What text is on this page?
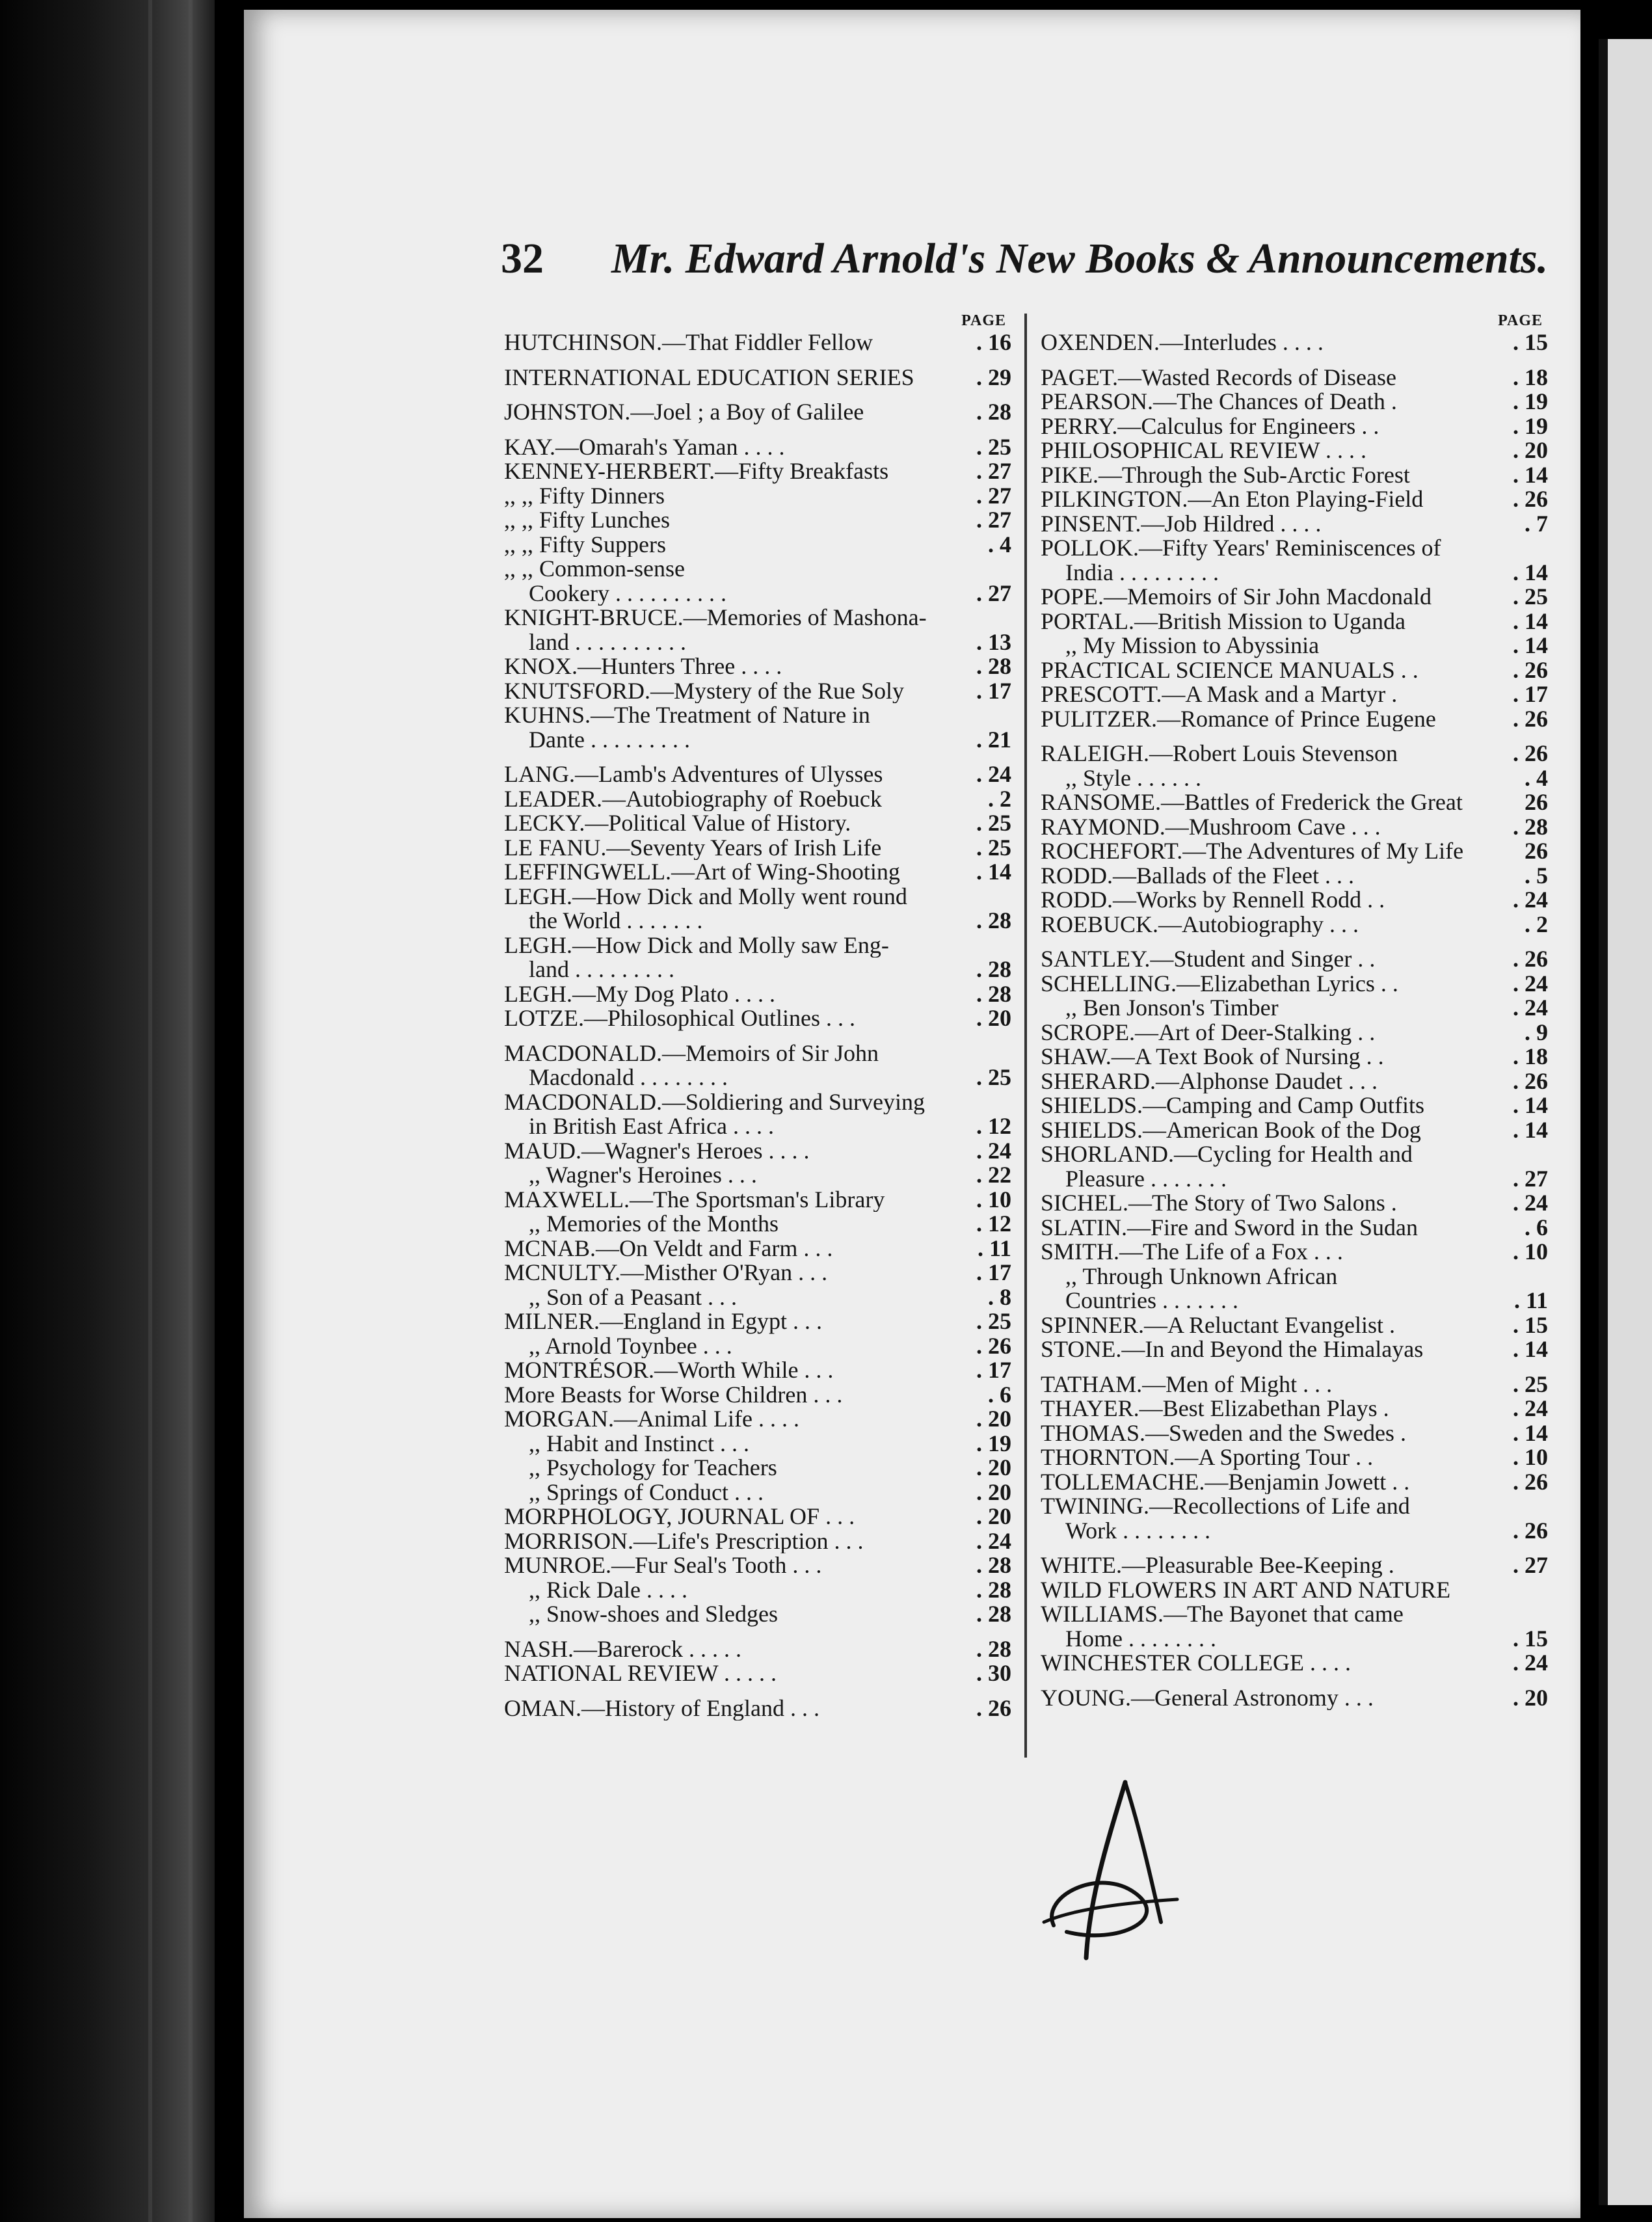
32 Mr. Edward Arnold's New Books & Announcements.
PAGE
HUTCHINSON.—That Fiddler Fellow	. 16
INTERNATIONAL EDUCATION SERIES	. 29
JOHNSTON.—Joel ; a Boy of Galilee	. 28
KAY.—Omarah's Yaman . . . .	. 25
KENNEY-HERBERT.—Fifty Breakfasts	. 27
,, ,, Fifty Dinners	. 27
,, ,, Fifty Lunches	. 27
,, ,, Fifty Suppers	. 4
,, ,, Common-sense
Cookery . . . . . . . . . .	. 27
KNIGHT-BRUCE.—Memories of Mashona-
land . . . . . . . . . .	. 13
KNOX.—Hunters Three . . . .	. 28
KNUTSFORD.—Mystery of the Rue Soly	. 17
KUHNS.—The Treatment of Nature in
Dante . . . . . . . . .	. 21
LANG.—Lamb's Adventures of Ulysses	. 24
LEADER.—Autobiography of Roebuck	. 2
LECKY.—Political Value of History.	. 25
LE FANU.—Seventy Years of Irish Life	. 25
LEFFINGWELL.—Art of Wing-Shooting	. 14
LEGH.—How Dick and Molly went round
the World . . . . . . .	. 28
LEGH.—How Dick and Molly saw Eng-
land . . . . . . . . .	. 28
LEGH.—My Dog Plato . . . .	. 28
LOTZE.—Philosophical Outlines . . .	. 20
MACDONALD.—Memoirs of Sir John
Macdonald . . . . . . . .	. 25
MACDONALD.—Soldiering and Surveying
in British East Africa . . . .	. 12
MAUD.—Wagner's Heroes . . . .	. 24
,, Wagner's Heroines . . .	. 22
MAXWELL.—The Sportsman's Library	. 10
,, Memories of the Months	. 12
MCNAB.—On Veldt and Farm . . .	. 11
MCNULTY.—Misther O'Ryan . . .	. 17
,, Son of a Peasant . . .	. 8
MILNER.—England in Egypt . . .	. 25
,, Arnold Toynbee . . .	. 26
MONTRÉSOR.—Worth While . . .	. 17
More Beasts for Worse Children . . .	. 6
MORGAN.—Animal Life . . . .	. 20
,, Habit and Instinct . . .	. 19
,, Psychology for Teachers	. 20
,, Springs of Conduct . . .	. 20
MORPHOLOGY, JOURNAL OF . . .	. 20
MORRISON.—Life's Prescription . . .	. 24
MUNROE.—Fur Seal's Tooth . . .	. 28
,, Rick Dale . . . .	. 28
,, Snow-shoes and Sledges	. 28
NASH.—Barerock . . . . .	. 28
NATIONAL REVIEW . . . . .	. 30
OMAN.—History of England . . .	. 26
PAGE
OXENDEN.—Interludes . . . .	. 15
PAGET.—Wasted Records of Disease	. 18
PEARSON.—The Chances of Death .	. 19
PERRY.—Calculus for Engineers . .	. 19
PHILOSOPHICAL REVIEW . . . .	. 20
PIKE.—Through the Sub-Arctic Forest	. 14
PILKINGTON.—An Eton Playing-Field	. 26
PINSENT.—Job Hildred . . . .	. 7
POLLOK.—Fifty Years' Reminiscences of
India . . . . . . . . .	. 14
POPE.—Memoirs of Sir John Macdonald	. 25
PORTAL.—British Mission to Uganda	. 14
,, My Mission to Abyssinia	. 14
PRACTICAL SCIENCE MANUALS . .	. 26
PRESCOTT.—A Mask and a Martyr .	. 17
PULITZER.—Romance of Prince Eugene	. 26
RALEIGH.—Robert Louis Stevenson	. 26
,, Style . . . . . .	. 4
RANSOME.—Battles of Frederick the Great	26
RAYMOND.—Mushroom Cave . . .	. 28
ROCHEFORT.—The Adventures of My Life	26
RODD.—Ballads of the Fleet . . .	. 5
RODD.—Works by Rennell Rodd . .	. 24
ROEBUCK.—Autobiography . . .	. 2
SANTLEY.—Student and Singer . .	. 26
SCHELLING.—Elizabethan Lyrics . .	. 24
,, Ben Jonson's Timber	. 24
SCROPE.—Art of Deer-Stalking . .	. 9
SHAW.—A Text Book of Nursing . .	. 18
SHERARD.—Alphonse Daudet . . .	. 26
SHIELDS.—Camping and Camp Outfits	. 14
SHIELDS.—American Book of the Dog	. 14
SHORLAND.—Cycling for Health and
Pleasure . . . . . . .	. 27
SICHEL.—The Story of Two Salons .	. 24
SLATIN.—Fire and Sword in the Sudan	. 6
SMITH.—The Life of a Fox . . .	. 10
,, Through Unknown African
Countries . . . . . . .	. 11
SPINNER.—A Reluctant Evangelist .	. 15
STONE.—In and Beyond the Himalayas	. 14
TATHAM.—Men of Might . . .	. 25
THAYER.—Best Elizabethan Plays .	. 24
THOMAS.—Sweden and the Swedes .	. 14
THORNTON.—A Sporting Tour . .	. 10
TOLLEMACHE.—Benjamin Jowett . .	. 26
TWINING.—Recollections of Life and
Work . . . . . . . .	. 26
WHITE.—Pleasurable Bee-Keeping .	. 27
WILD FLOWERS IN ART AND NATURE
WILLIAMS.—The Bayonet that came
Home . . . . . . . .	. 15
WINCHESTER COLLEGE . . . .	. 24
YOUNG.—General Astronomy . . .	. 20
